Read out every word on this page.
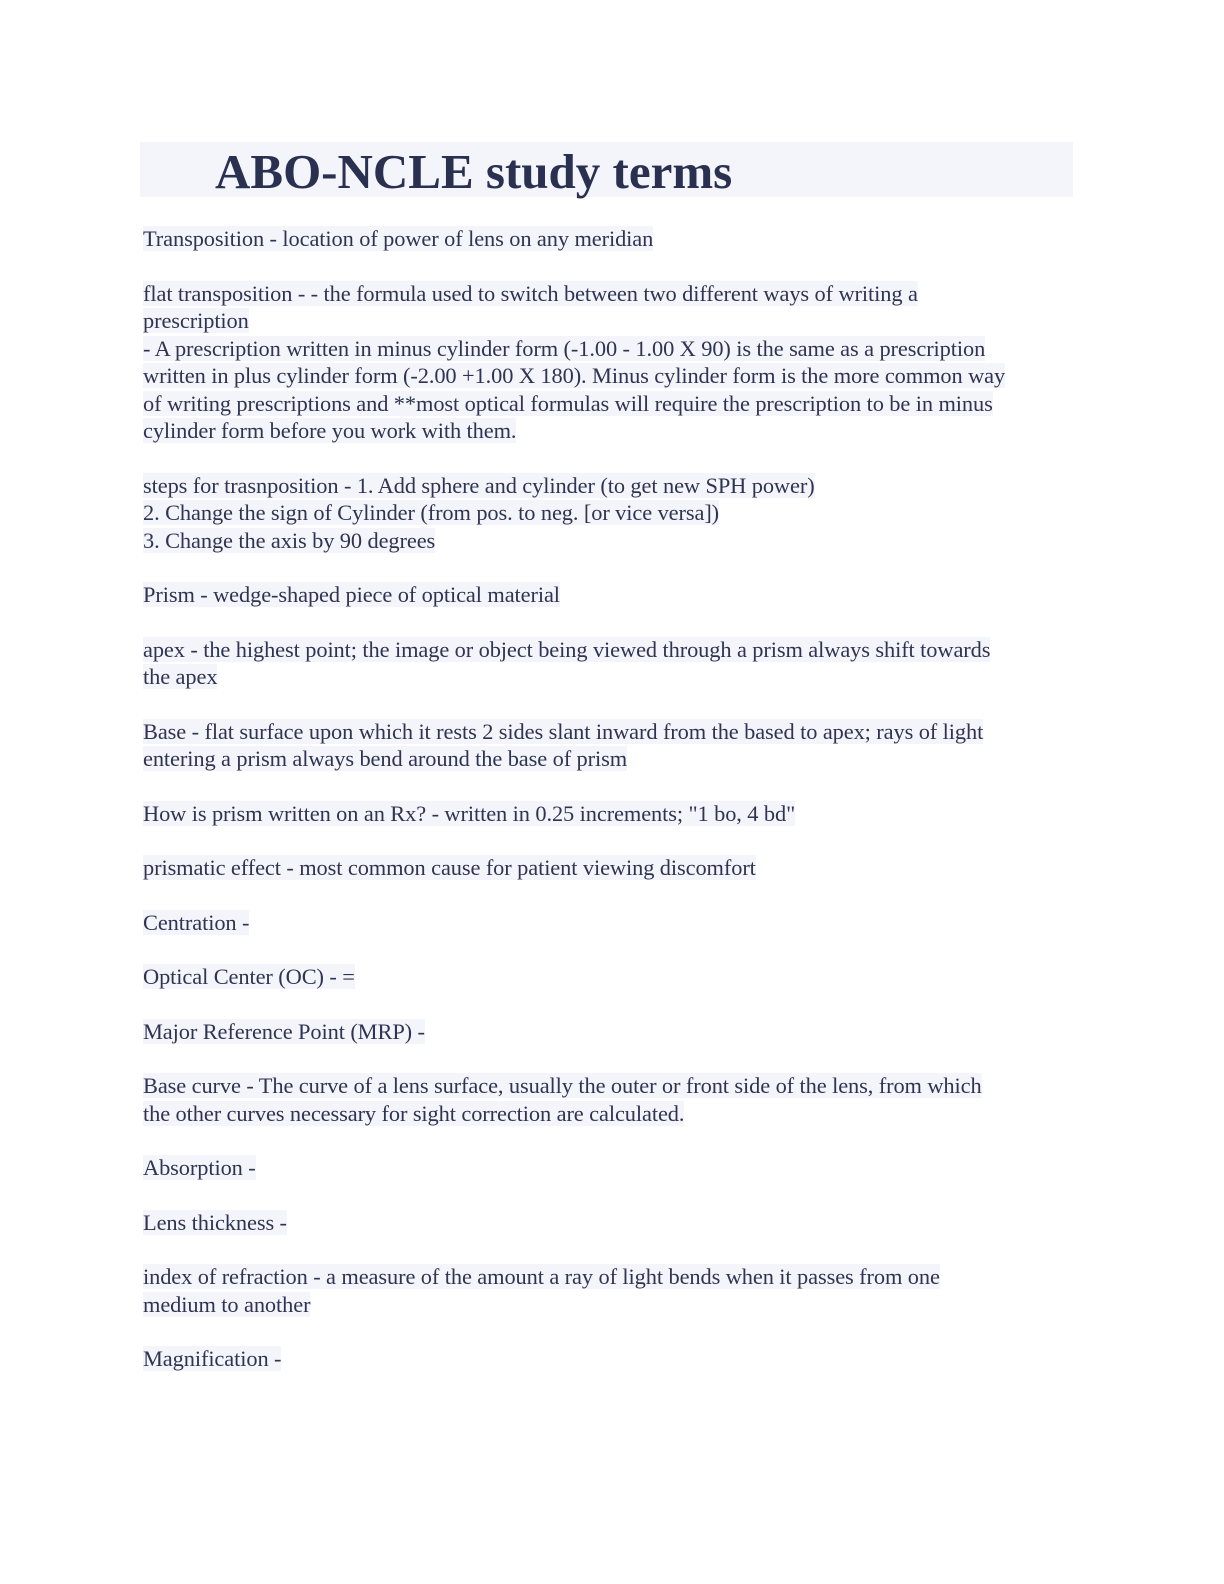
ABO-NCLE study terms

Transposition - location of power of lens on any meridian

flat transposition - - the formula used to switch between two different ways of writing a
prescription
- A prescription written in minus cylinder form (-1.00 - 1.00 X 90) is the same as a prescription
written in plus cylinder form (-2.00 +1.00 X 180). Minus cylinder form is the more common way
of writing prescriptions and **most optical formulas will require the prescription to be in minus
cylinder form before you work with them.

steps for trasnposition - 1. Add sphere and cylinder (to get new SPH power)
2. Change the sign of Cylinder (from pos. to neg. [or vice versa])
3. Change the axis by 90 degrees

Prism - wedge-shaped piece of optical material

apex - the highest point; the image or object being viewed through a prism always shift towards
the apex

Base - flat surface upon which it rests 2 sides slant inward from the based to apex; rays of light
entering a prism always bend around the base of prism

How is prism written on an Rx? - written in 0.25 increments; "1 bo, 4 bd"

prismatic effect - most common cause for patient viewing discomfort

Centration -

Optical Center (OC) - =

Major Reference Point (MRP) -

Base curve - The curve of a lens surface, usually the outer or front side of the lens, from which
the other curves necessary for sight correction are calculated.

Absorption -

Lens thickness -

index of refraction - a measure of the amount a ray of light bends when it passes from one
medium to another

Magnification -
